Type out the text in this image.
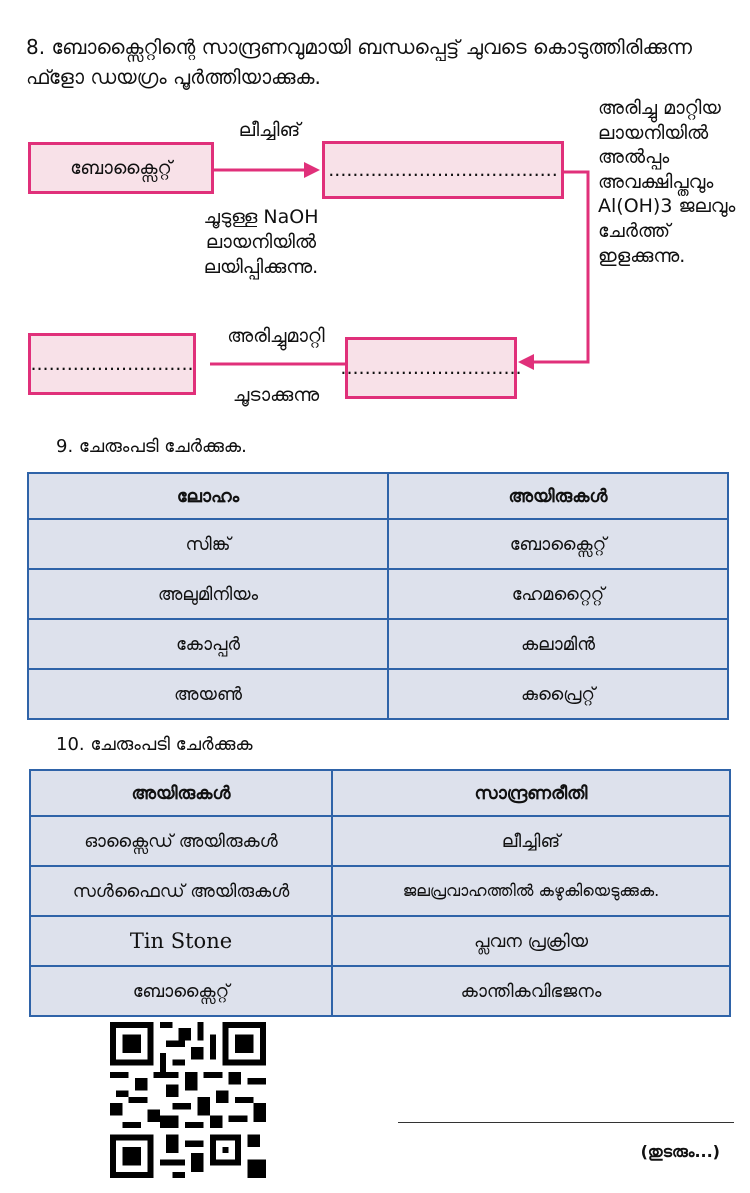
8. ബോക്സൈറ്റിന്റെ സാന്ദ്രണവുമായി ബന്ധപ്പെട്ട് ചുവടെ കൊടുത്തിരിക്കുന്ന ഫ്ളോ ഡയഗ്രം പൂർത്തിയാക്കുക.
ബോക്സൈറ്റ്	......................................
..............................
...........................
ലീച്ചിങ്
ചൂടുള്ള NaOH ലായനിയിൽ ലയിപ്പിക്കുന്നു.
അരിച്ചു മാറ്റിയ ലായനിയിൽ അൽപ്പം അവക്ഷിപ്തവും Al(OH)3 ജലവും ചേർത്ത് ഇളക്കുന്നു.
അരിച്ചുമാറ്റി
ചൂടാക്കുന്നു
9. ചേരുംപടി ചേർക്കുക.
ലോഹം	അയിരുകൾ
സിങ്ക്	ബോക്സൈറ്റ്
അലുമിനിയം	ഹേമറ്റൈറ്റ്
കോപ്പർ	കലാമിൻ
അയൺ	കുപ്രൈറ്റ്
10. ചേരുംപടി ചേർക്കുക
അയിരുകൾ	സാന്ദ്രണരീതി
ഓക്സൈഡ് അയിരുകൾ	ലീച്ചിങ്
സൾഫൈഡ് അയിരുകൾ	ജലപ്രവാഹത്തിൽ കഴുകിയെടുക്കുക.
Tin Stone	പ്ലവന പ്രക്രിയ
ബോക്സൈറ്റ്	കാന്തികവിഭജനം
(തുടരും...)
